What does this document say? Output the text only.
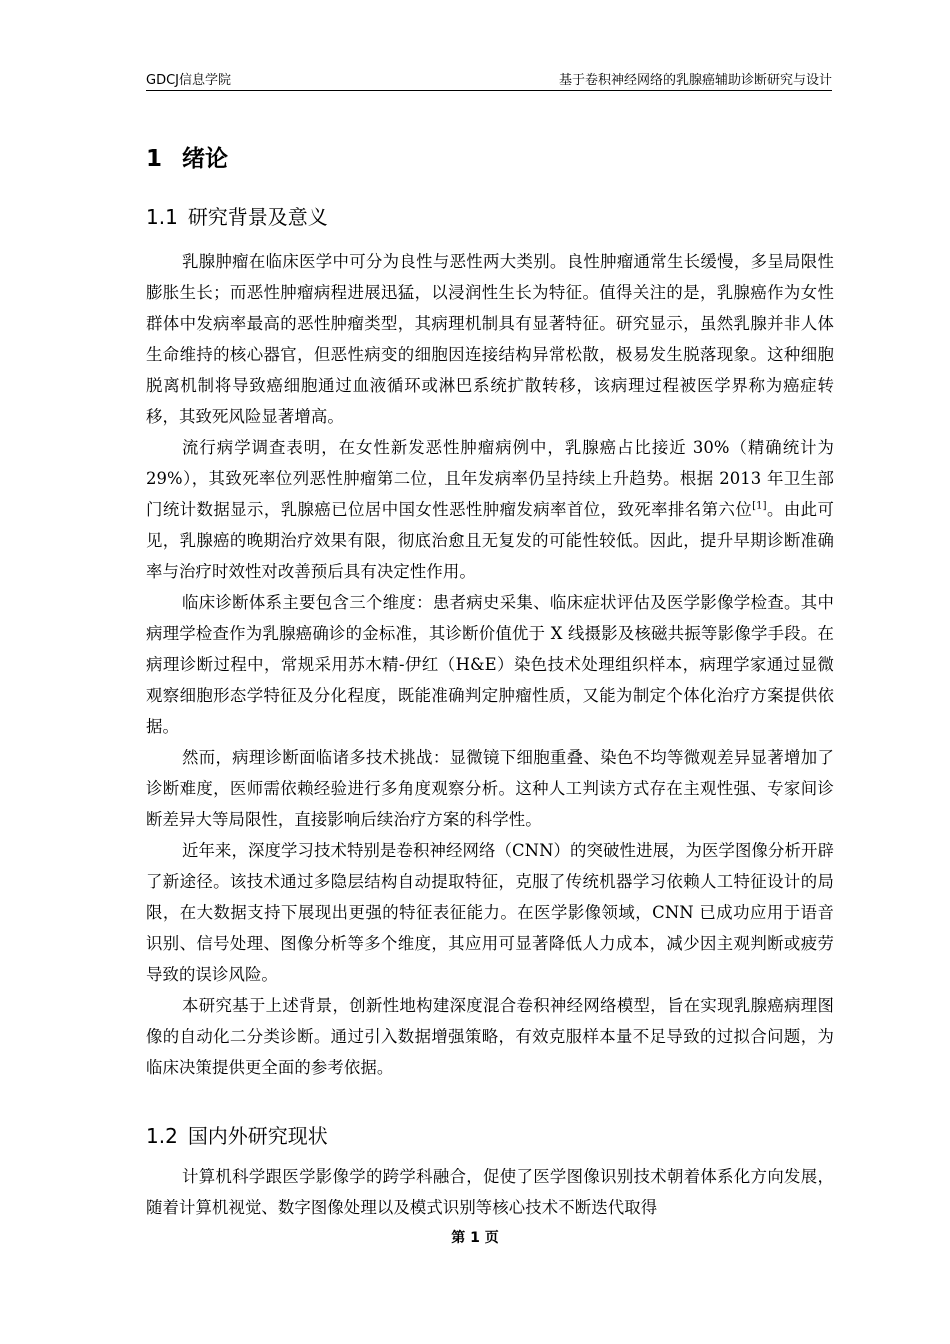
GDCJ信息学院	基于卷积神经网络的乳腺癌辅助诊断研究与设计
1 绪论
1.1 研究背景及意义

乳腺肿瘤在临床医学中可分为良性与恶性两大类别。良性肿瘤通常生长缓慢，多呈局限性膨胀生长；而恶性肿瘤病程进展迅猛，以浸润性生长为特征。值得关注的是，乳腺癌作为女性群体中发病率最高的恶性肿瘤类型，其病理机制具有显著特征。研究显示，虽然乳腺并非人体生命维持的核心器官，但恶性病变的细胞因连接结构异常松散，极易发生脱落现象。这种细胞脱离机制将导致癌细胞通过血液循环或淋巴系统扩散转移，该病理过程被医学界称为癌症转移，其致死风险显著增高。

流行病学调查表明，在女性新发恶性肿瘤病例中，乳腺癌占比接近 30%（精确统计为 29%），其致死率位列恶性肿瘤第二位，且年发病率仍呈持续上升趋势。根据 2013 年卫生部门统计数据显示，乳腺癌已位居中国女性恶性肿瘤发病率首位，致死率排名第六位[1]。由此可见，乳腺癌的晚期治疗效果有限，彻底治愈且无复发的可能性较低。因此，提升早期诊断准确率与治疗时效性对改善预后具有决定性作用。

临床诊断体系主要包含三个维度：患者病史采集、临床症状评估及医学影像学检查。其中病理学检查作为乳腺癌确诊的金标准，其诊断价值优于 X 线摄影及核磁共振等影像学手段。在病理诊断过程中，常规采用苏木精-伊红（H&E）染色技术处理组织样本，病理学家通过显微观察细胞形态学特征及分化程度，既能准确判定肿瘤性质，又能为制定个体化治疗方案提供依据。

然而，病理诊断面临诸多技术挑战：显微镜下细胞重叠、染色不均等微观差异显著增加了诊断难度，医师需依赖经验进行多角度观察分析。这种人工判读方式存在主观性强、专家间诊断差异大等局限性，直接影响后续治疗方案的科学性。

近年来，深度学习技术特别是卷积神经网络（CNN）的突破性进展，为医学图像分析开辟了新途径。该技术通过多隐层结构自动提取特征，克服了传统机器学习依赖人工特征设计的局限，在大数据支持下展现出更强的特征表征能力。在医学影像领域，CNN 已成功应用于语音识别、信号处理、图像分析等多个维度，其应用可显著降低人力成本，减少因主观判断或疲劳导致的误诊风险。

本研究基于上述背景，创新性地构建深度混合卷积神经网络模型，旨在实现乳腺癌病理图像的自动化二分类诊断。通过引入数据增强策略，有效克服样本量不足导致的过拟合问题，为临床决策提供更全面的参考依据。

1.2 国内外研究现状

计算机科学跟医学影像学的跨学科融合，促使了医学图像识别技术朝着体系化方向发展，随着计算机视觉、数字图像处理以及模式识别等核心技术不断迭代取得

第 1 页
